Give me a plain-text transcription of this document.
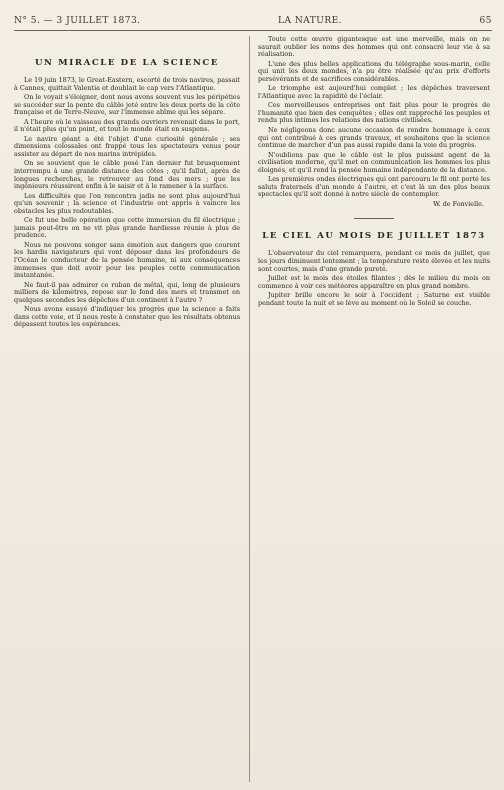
N° 5. — 3 JUILLET 1873.	LA NATURE.	65
UN MIRACLE DE LA SCIENCE

Le 19 juin 1873, le Great-Eastern, escorté de trois navires, passait à Cannes, quittait Valentia et doublait le cap vers l'Atlantique.

On le voyait s'éloigner, dont nous avons souvent vus les péripéties se succéder sur la pente du câble jeté entre les deux ports de la côte française et de Terre-Neuve, sur l'immense abîme qui les sépare.

A l'heure où le vaisseau des grands ouvriers revenait dans le port, il n'était plus qu'un point, et tout le monde était en suspens.

Le navire géant a été l'objet d'une curiosité générale ; ses dimensions colossales ont frappé tous les spectateurs venus pour assister au départ de nos marins intrépides.

On se souvient que le câble posé l'an dernier fut brusquement interrompu à une grande distance des côtes ; qu'il fallut, après de longues recherches, le retrouver au fond des mers ; que les ingénieurs réussirent enfin à le saisir et à le ramener à la surface.

Les difficultés que l'on rencontra jadis ne sont plus aujourd'hui qu'un souvenir ; la science et l'industrie ont appris à vaincre les obstacles les plus redoutables.

Ce fut une belle opération que cette immersion du fil électrique ; jamais peut-être on ne vit plus grande hardiesse réunie à plus de prudence.

Nous ne pouvons songer sans émotion aux dangers que courent les hardis navigateurs qui vont déposer dans les profondeurs de l'Océan le conducteur de la pensée humaine, ni aux conséquences immenses que doit avoir pour les peuples cette communication instantanée.

Ne faut-il pas admirer ce ruban de métal, qui, long de plusieurs milliers de kilomètres, repose sur le fond des mers et transmet en quelques secondes les dépêches d'un continent à l'autre ?

Nous avons essayé d'indiquer les progrès que la science a faits dans cette voie, et il nous reste à constater que les résultats obtenus dépassent toutes les espérances.

Toute cette œuvre gigantesque est une merveille, mais on ne saurait oublier les noms des hommes qui ont consacré leur vie à sa réalisation.

L'une des plus belles applications du télégraphe sous-marin, celle qui unit les deux mondes, n'a pu être réalisée qu'au prix d'efforts persévérants et de sacrifices considérables.

Le triomphe est aujourd'hui complet ; les dépêches traversent l'Atlantique avec la rapidité de l'éclair.

Ces merveilleuses entreprises ont fait plus pour le progrès de l'humanité que bien des conquêtes ; elles ont rapproché les peuples et rendu plus intimes les relations des nations civilisées.

Ne négligeons donc aucune occasion de rendre hommage à ceux qui ont contribué à ces grands travaux, et souhaitons que la science continue de marcher d'un pas aussi rapide dans la voie du progrès.

N'oublions pas que le câble est le plus puissant agent de la civilisation moderne, qu'il met en communication les hommes les plus éloignés, et qu'il rend la pensée humaine indépendante de la distance.

Les premières ondes électriques qui ont parcouru le fil ont porté les saluts fraternels d'un monde à l'autre, et c'est là un des plus beaux spectacles qu'il soit donné à notre siècle de contempler.

W. de Fonvielle.
LE CIEL AU MOIS DE JUILLET 1873

L'observateur du ciel remarquera, pendant ce mois de juillet, que les jours diminuent lentement ; la température reste élevée et les nuits sont courtes, mais d'une grande pureté.

Juillet est le mois des étoiles filantes ; dès le milieu du mois on commence à voir ces météores apparaître en plus grand nombre.

Jupiter brille encore le soir à l'occident ; Saturne est visible pendant toute la nuit et se lève au moment où le Soleil se couche.
